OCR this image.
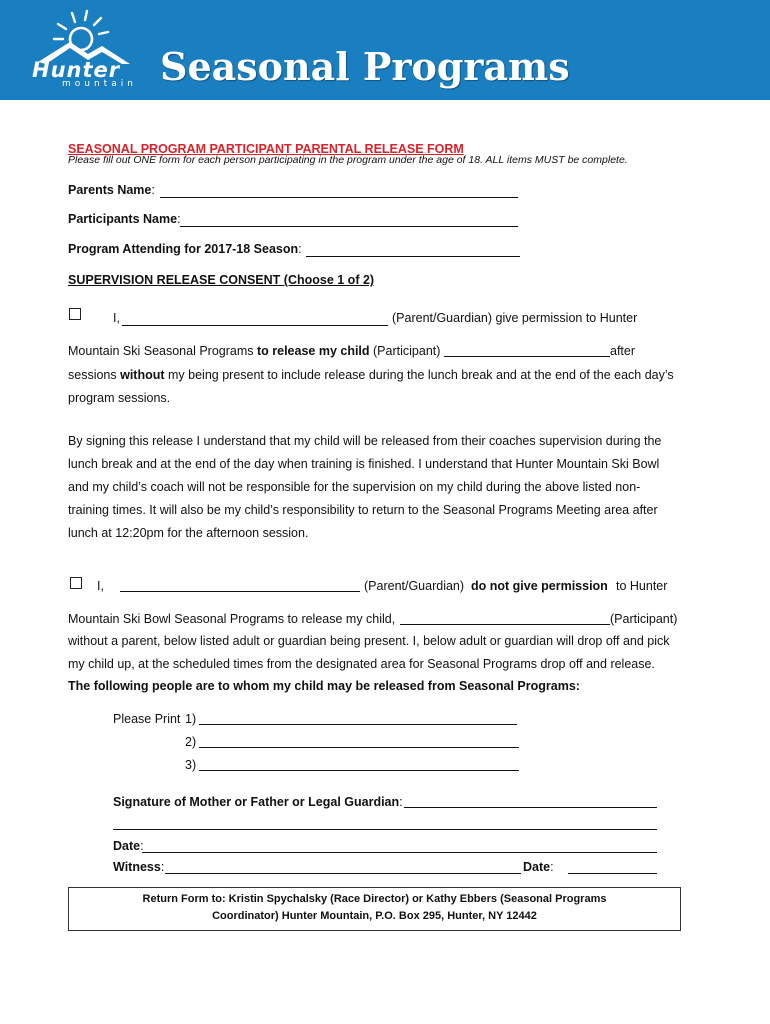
Hunter
mountain Seasonal Programs
SEASONAL PROGRAM PARTICIPANT PARENTAL RELEASE FORM
Please fill out ONE form for each person participating in the program under the age of 18. ALL items MUST be complete.
Parents Name:
Participants Name:
Program Attending for 2017-18 Season:
SUPERVISION RELEASE CONSENT (Choose 1 of 2)
I,	(Parent/Guardian) give permission to Hunter
Mountain Ski Seasonal Programs to release my child (Participant)	after
sessions without my being present to include release during the lunch break and at the end of the each day’s
program sessions.
By signing this release I understand that my child will be released from their coaches supervision during the
lunch break and at the end of the day when training is finished. I understand that Hunter Mountain Ski Bowl
and my child’s coach will not be responsible for the supervision on my child during the above listed non-
training times. It will also be my child’s responsibility to return to the Seasonal Programs Meeting area after
lunch at 12:20pm for the afternoon session.
I,	(Parent/Guardian) do not give permission to Hunter
Mountain Ski Bowl Seasonal Programs to release my child,	(Participant)
without a parent, below listed adult or guardian being present. I, below adult or guardian will drop off and pick
my child up, at the scheduled times from the designated area for Seasonal Programs drop off and release.
The following people are to whom my child may be released from Seasonal Programs:
Please Print 1)
2)
3)
Signature of Mother or Father or Legal Guardian:
Date:
Witness:	Date:
Return Form to: Kristin Spychalsky (Race Director) or Kathy Ebbers (Seasonal Programs
Coordinator) Hunter Mountain, P.O. Box 295, Hunter, NY 12442
